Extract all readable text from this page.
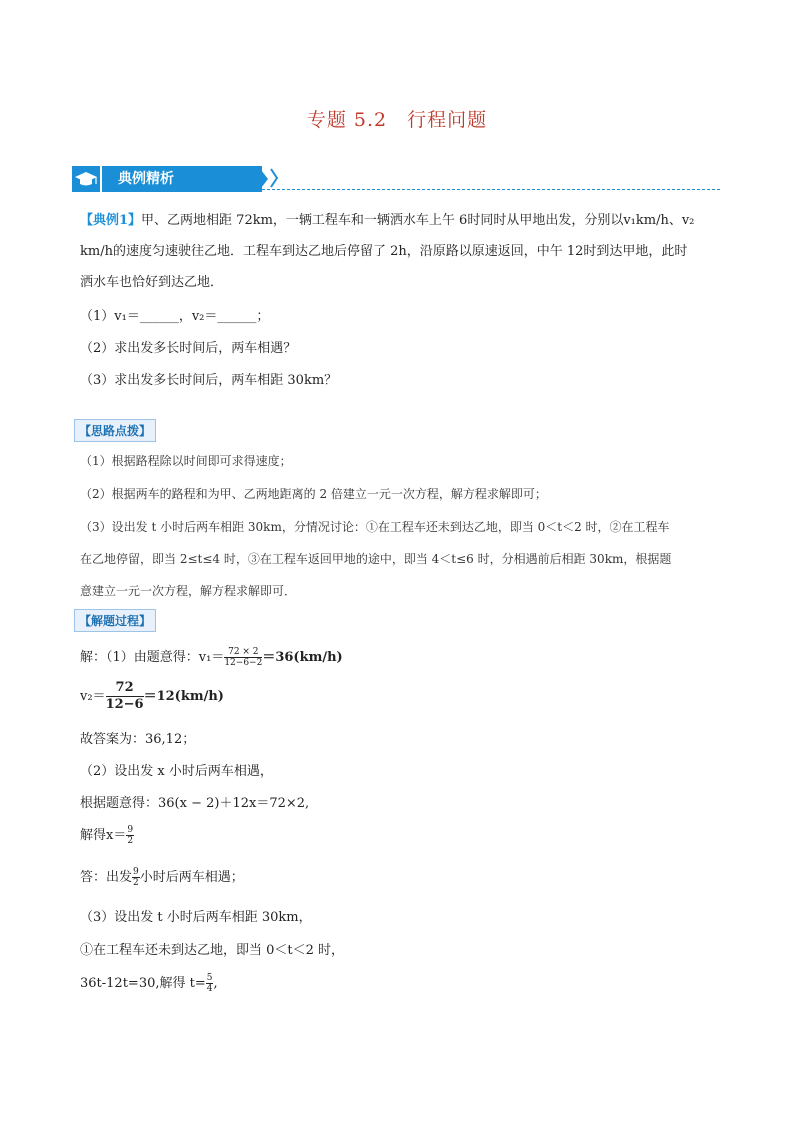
专题 5.2　行程问题
典例精析
【典例1】甲、乙两地相距 72km，一辆工程车和一辆洒水车上午 6时同时从甲地出发，分别以v₁km/h、v₂
km/h的速度匀速驶往乙地．工程车到达乙地后停留了 2h，沿原路以原速返回，中午 12时到达甲地，此时
洒水车也恰好到达乙地．
（1）v₁＝______，v₂＝______；
（2）求出发多长时间后，两车相遇？
（3）求出发多长时间后，两车相距 30km？
【思路点拨】
（1）根据路程除以时间即可求得速度；
（2）根据两车的路程和为甲、乙两地距离的 2 倍建立一元一次方程，解方程求解即可；
（3）设出发 t 小时后两车相距 30km，分情况讨论：①在工程车还未到达乙地，即当 0＜t＜2 时，②在工程车
在乙地停留，即当 2≤t≤4 时，③在工程车返回甲地的途中，即当 4＜t≤6 时，分相遇前后相距 30km，根据题
意建立一元一次方程，解方程求解即可．
【解题过程】
解：（1）由题意得：$v_1= \frac{72 \times 2}{12-6-2} =36(km/h)$
$v_2= \frac{72}{12-6} =12(km/h)$
故答案为：36,12；
（2）设出发 x 小时后两车相遇，
根据题意得：36(x − 2)＋12x＝72×2,
解得$x= \frac{9}{2}$
答：出发 $\frac{9}{2}$ 小时后两车相遇；
（3）设出发 t 小时后两车相距 30km，
①在工程车还未到达乙地，即当 0＜t＜2 时，
36t-12t=30,解得 $t= \frac{5}{4}$ ,
